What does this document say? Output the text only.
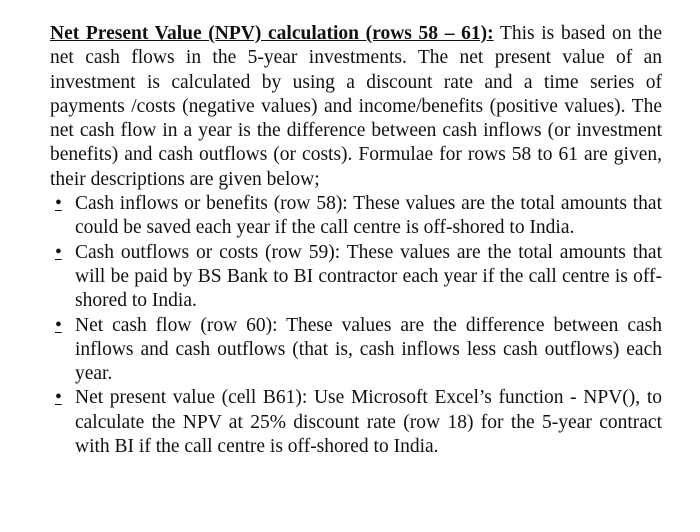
Net Present Value (NPV) calculation (rows 58 – 61): This is based on the net cash flows in the 5-year investments. The net present value of an investment is calculated by using a discount rate and a time series of payments /costs (negative values) and income/benefits (positive values). The net cash flow in a year is the difference between cash inflows (or investment benefits) and cash outflows (or costs). Formulae for rows 58 to 61 are given, their descriptions are given below;

• Cash inflows or benefits (row 58): These values are the total amounts that could be saved each year if the call centre is off-shored to India.
• Cash outflows or costs (row 59): These values are the total amounts that will be paid by BS Bank to BI contractor each year if the call centre is off-shored to India.
• Net cash flow (row 60): These values are the difference between cash inflows and cash outflows (that is, cash inflows less cash outflows) each year.
• Net present value (cell B61): Use Microsoft Excel’s function - NPV(), to calculate the NPV at 25% discount rate (row 18) for the 5-year contract with BI if the call centre is off-shored to India.
